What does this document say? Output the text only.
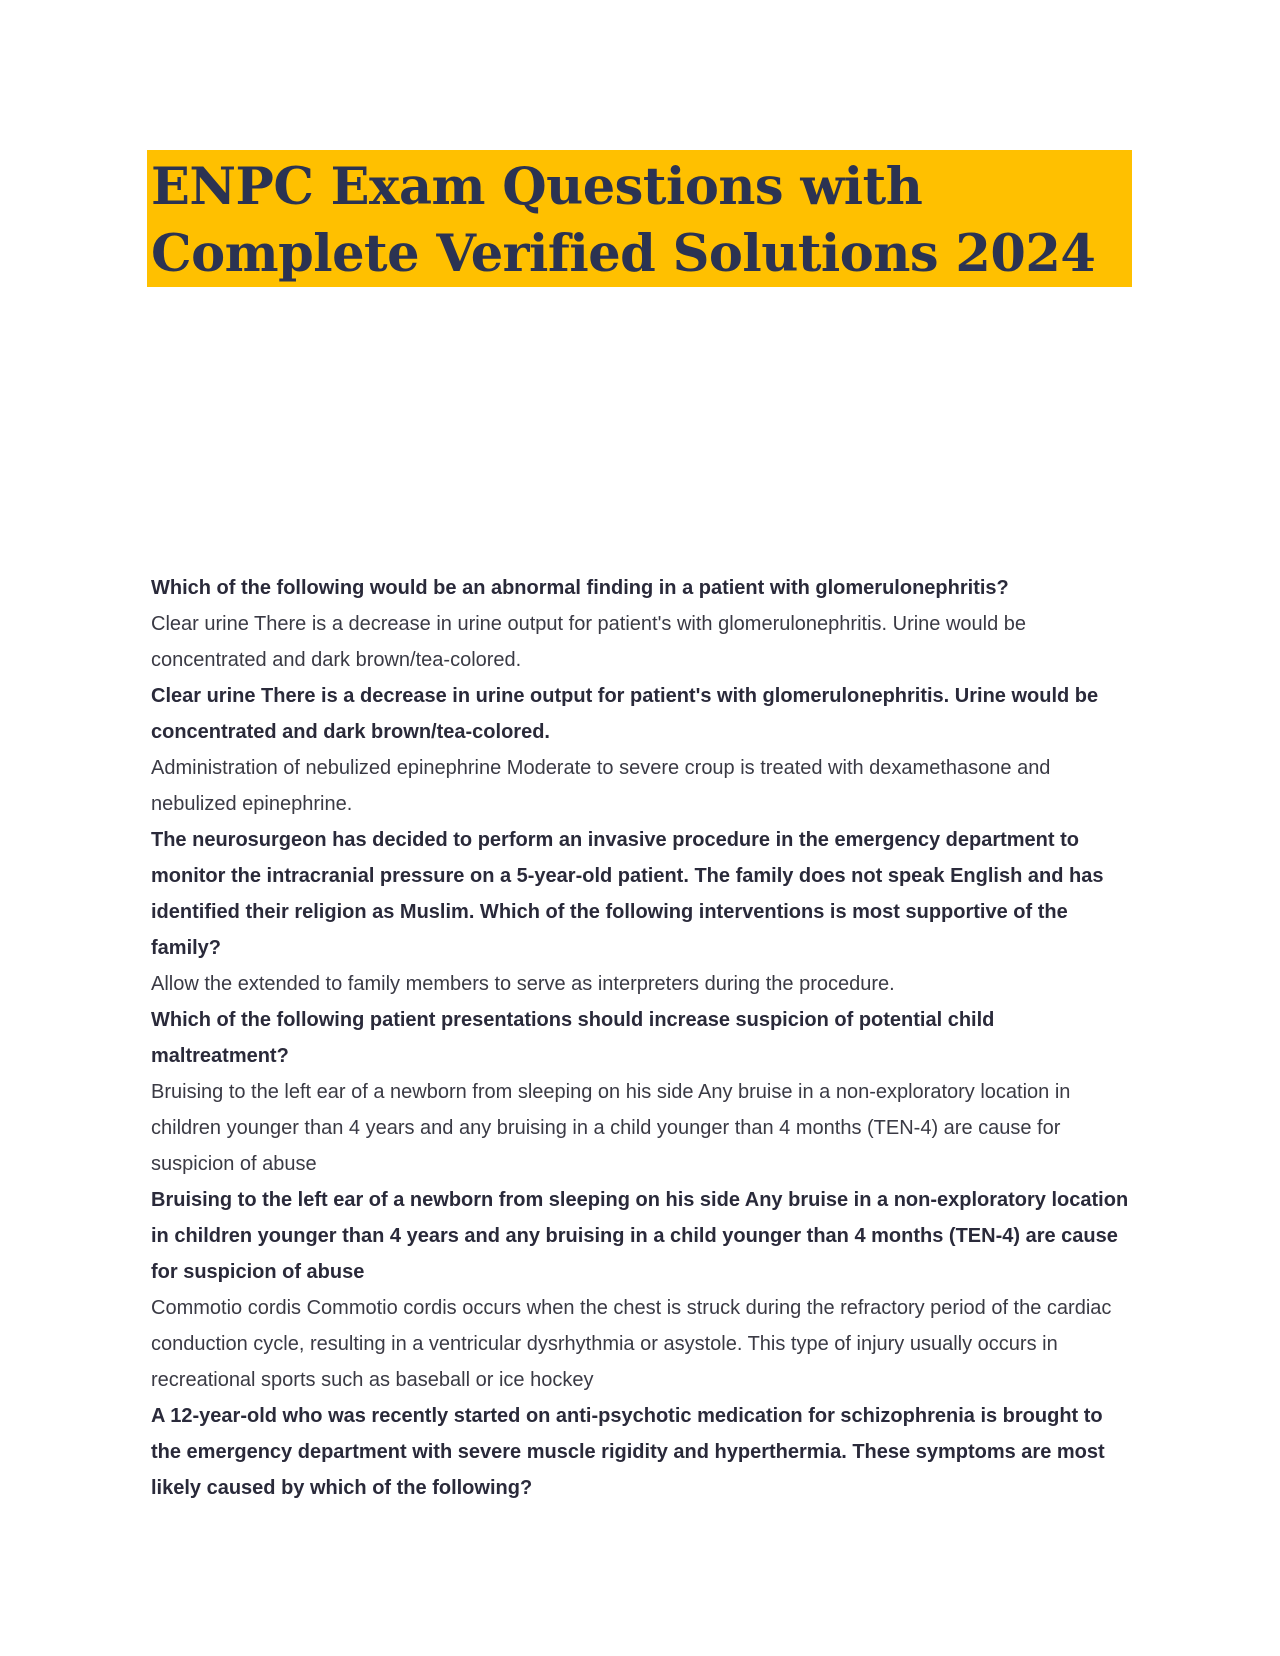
ENPC Exam Questions with
Complete Verified Solutions 2024

Which of the following would be an abnormal finding in a patient with glomerulonephritis?

Clear urine There is a decrease in urine output for patient's with glomerulonephritis. Urine would be concentrated and dark brown/tea-colored.

Clear urine There is a decrease in urine output for patient's with glomerulonephritis. Urine would be concentrated and dark brown/tea-colored.

Administration of nebulized epinephrine Moderate to severe croup is treated with dexamethasone and nebulized epinephrine.

The neurosurgeon has decided to perform an invasive procedure in the emergency department to monitor the intracranial pressure on a 5-year-old patient. The family does not speak English and has identified their religion as Muslim. Which of the following interventions is most supportive of the family?

Allow the extended to family members to serve as interpreters during the procedure.

Which of the following patient presentations should increase suspicion of potential child maltreatment?

Bruising to the left ear of a newborn from sleeping on his side Any bruise in a non-exploratory location in children younger than 4 years and any bruising in a child younger than 4 months (TEN-4) are cause for suspicion of abuse

Bruising to the left ear of a newborn from sleeping on his side Any bruise in a non-exploratory location in children younger than 4 years and any bruising in a child younger than 4 months (TEN-4) are cause for suspicion of abuse

Commotio cordis Commotio cordis occurs when the chest is struck during the refractory period of the cardiac conduction cycle, resulting in a ventricular dysrhythmia or asystole. This type of injury usually occurs in recreational sports such as baseball or ice hockey

A 12-year-old who was recently started on anti-psychotic medication for schizophrenia is brought to the emergency department with severe muscle rigidity and hyperthermia. These symptoms are most likely caused by which of the following?
